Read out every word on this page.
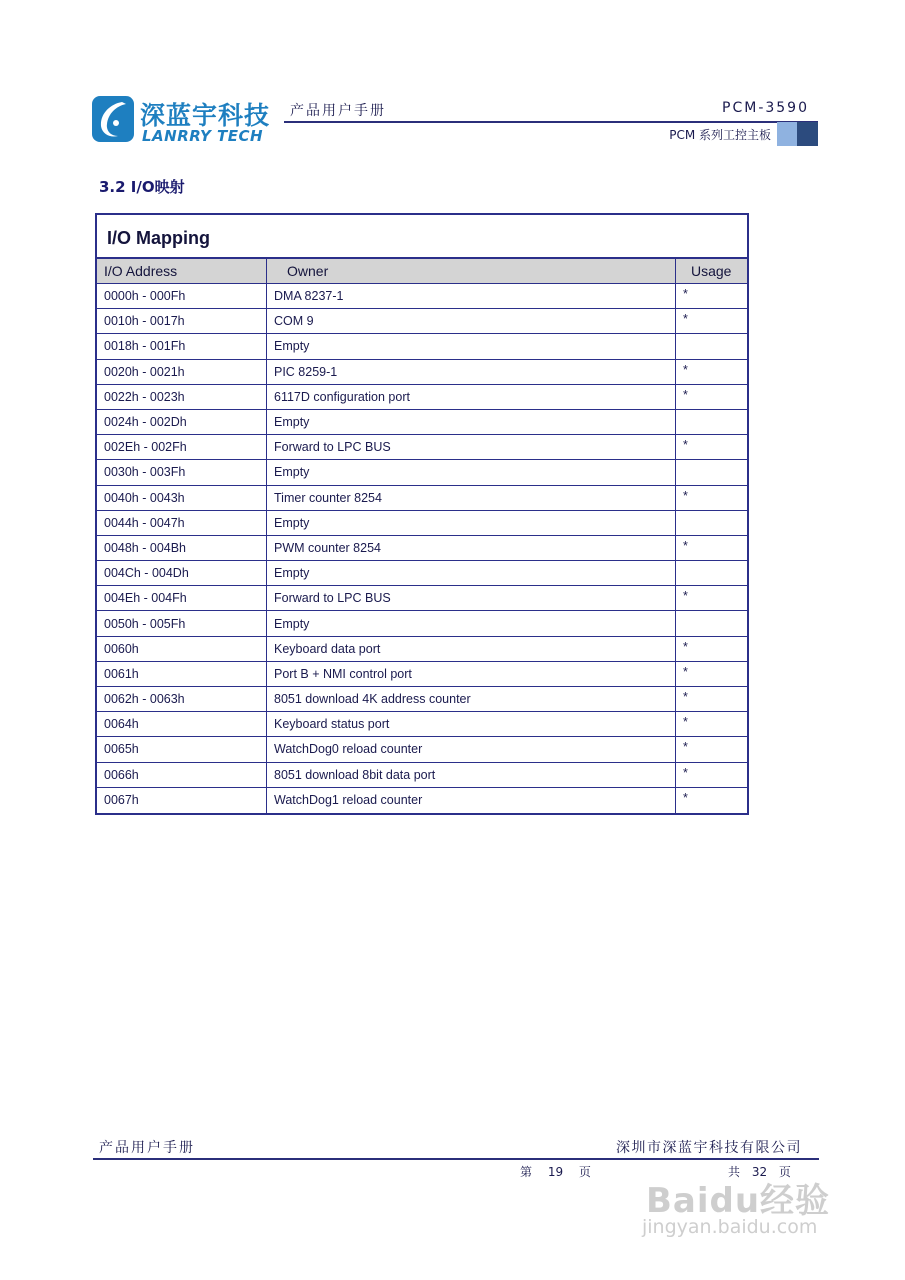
深蓝宇科技
LANRRY TECH
产品用户手册	PCM-3590
PCM 系列工控主板
3.2 I/O映射
I/O Mapping
I/O Address	Owner	Usage
0000h - 000Fh	DMA 8237-1	*
0010h - 0017h	COM 9	*
0018h - 001Fh	Empty
0020h - 0021h	PIC 8259-1	*
0022h - 0023h	6117D configuration port	*
0024h - 002Dh	Empty
002Eh - 002Fh	Forward to LPC BUS	*
0030h - 003Fh	Empty
0040h - 0043h	Timer counter 8254	*
0044h - 0047h	Empty
0048h - 004Bh	PWM counter 8254	*
004Ch - 004Dh	Empty
004Eh - 004Fh	Forward to LPC BUS	*
0050h - 005Fh	Empty
0060h	Keyboard data port	*
0061h	Port B + NMI control port	*
0062h - 0063h	8051 download 4K address counter	*
0064h	Keyboard status port	*
0065h	WatchDog0 reload counter	*
0066h	8051 download 8bit data port	*
0067h	WatchDog1 reload counter	*
产品用户手册	深圳市深蓝宇科技有限公司
第 19 页	共 32 页
Baidu经验
jingyan.baidu.com
